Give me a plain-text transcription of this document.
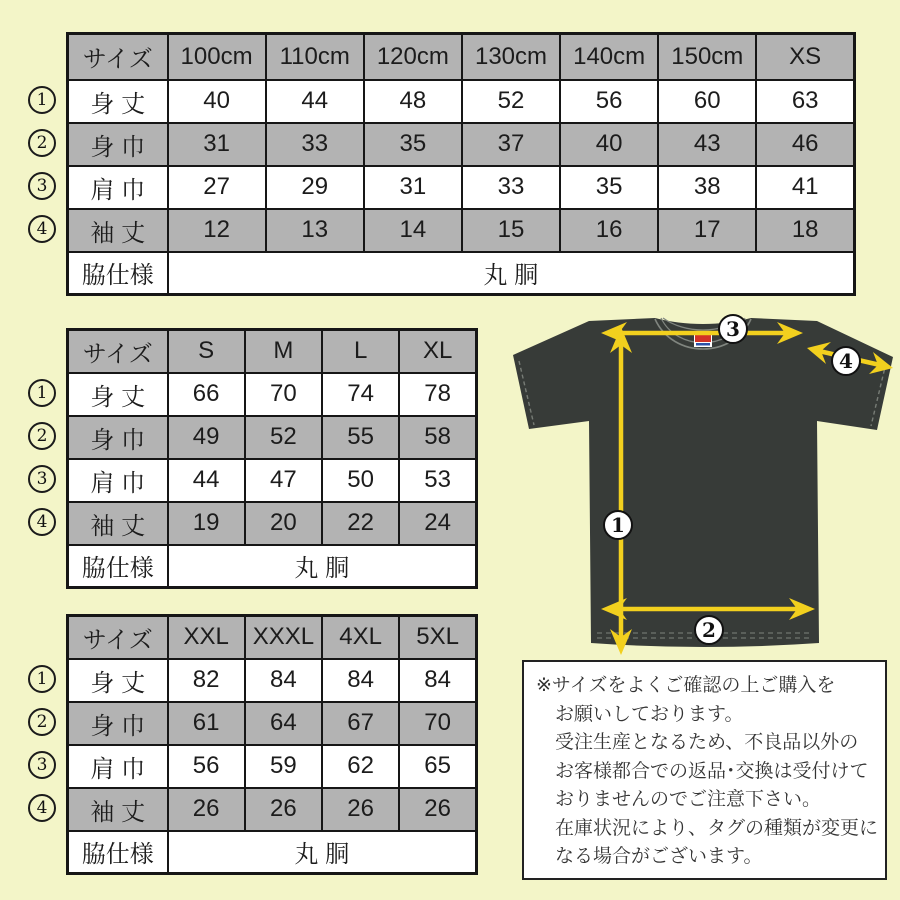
サイズ	100cm	110cm	120cm	130cm	140cm	150cm	XS
身 丈	40	44	48	52	56	60	63
身 巾	31	33	35	37	40	43	46
肩 巾	27	29	31	33	35	38	41
袖 丈	12	13	14	15	16	17	18
脇仕様	丸 胴						
サイズ	S	M	L	XL
身 丈	66	70	74	78
身 巾	49	52	55	58
肩 巾	44	47	50	53
袖 丈	19	20	22	24
脇仕様	丸 胴			
サイズ	XXL	XXXL	4XL	5XL
身 丈	82	84	84	84
身 巾	61	64	67	70
肩 巾	56	59	62	65
袖 丈	26	26	26	26
脇仕様	丸 胴			
1
2
3
4
1
2
3
4
1
2
3
4
1
2
3
4
※サイズをよくご確認の上ご購入を
お願いしております。
受注生産となるため、不良品以外の
お客様都合での返品･交換は受付けて
おりませんのでご注意下さい。
在庫状況により、タグの種類が変更に
なる場合がございます。
